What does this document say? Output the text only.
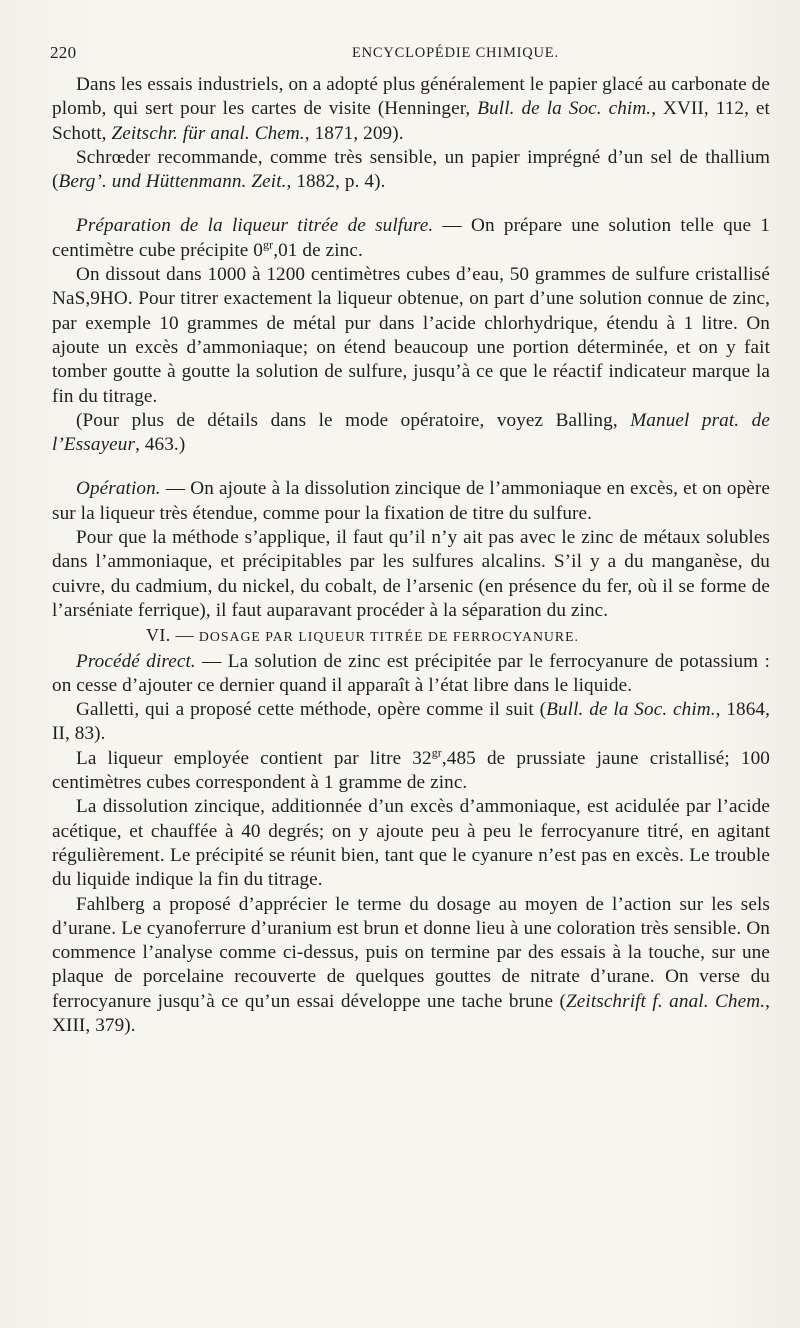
220	ENCYCLOPÉDIE CHIMIQUE.

Dans les essais industriels, on a adopté plus généralement le papier glacé au carbonate de plomb, qui sert pour les cartes de visite (Henninger, Bull. de la Soc. chim., XVII, 112, et Schott, Zeitschr. für anal. Chem., 1871, 209).

Schrœder recommande, comme très sensible, un papier imprégné d’un sel de thallium (Berg’. und Hüttenmann. Zeit., 1882, p. 4).

Préparation de la liqueur titrée de sulfure. — On prépare une solution telle que 1 centimètre cube précipite $0^{gr},01$ de zinc.

On dissout dans 1000 à 1200 centimètres cubes d’eau, 50 grammes de sulfure cristallisé NaS,9HO. Pour titrer exactement la liqueur obtenue, on part d’une solution connue de zinc, par exemple 10 grammes de métal pur dans l’acide chlorhydrique, étendu à 1 litre. On ajoute un excès d’ammoniaque; on étend beaucoup une portion déterminée, et on y fait tomber goutte à goutte la solution de sulfure, jusqu’à ce que le réactif indicateur marque la fin du titrage.

(Pour plus de détails dans le mode opératoire, voyez Balling, Manuel prat. de l’Essayeur, 463.)

Opération. — On ajoute à la dissolution zincique de l’ammoniaque en excès, et on opère sur la liqueur très étendue, comme pour la fixation de titre du sulfure.

Pour que la méthode s’applique, il faut qu’il n’y ait pas avec le zinc de métaux solubles dans l’ammoniaque, et précipitables par les sulfures alcalins. S’il y a du manganèse, du cuivre, du cadmium, du nickel, du cobalt, de l’arsenic (en présence du fer, où il se forme de l’arséniate ferrique), il faut auparavant procéder à la séparation du zinc.

VI. — DOSAGE PAR LIQUEUR TITRÉE DE FERROCYANURE.

Procédé direct. — La solution de zinc est précipitée par le ferrocyanure de potassium : on cesse d’ajouter ce dernier quand il apparaît à l’état libre dans le liquide.

Galletti, qui a proposé cette méthode, opère comme il suit (Bull. de la Soc. chim., 1864, II, 83).

La liqueur employée contient par litre $32^{gr},485$ de prussiate jaune cristallisé; 100 centimètres cubes correspondent à 1 gramme de zinc.

La dissolution zincique, additionnée d’un excès d’ammoniaque, est acidulée par l’acide acétique, et chauffée à 40 degrés; on y ajoute peu à peu le ferrocyanure titré, en agitant régulièrement. Le précipité se réunit bien, tant que le cyanure n’est pas en excès. Le trouble du liquide indique la fin du titrage.

Fahlberg a proposé d’apprécier le terme du dosage au moyen de l’action sur les sels d’urane. Le cyanoferrure d’uranium est brun et donne lieu à une coloration très sensible. On commence l’analyse comme ci-dessus, puis on termine par des essais à la touche, sur une plaque de porcelaine recouverte de quelques gouttes de nitrate d’urane. On verse du ferrocyanure jusqu’à ce qu’un essai développe une tache brune (Zeitschrift f. anal. Chem., XIII, 379).
